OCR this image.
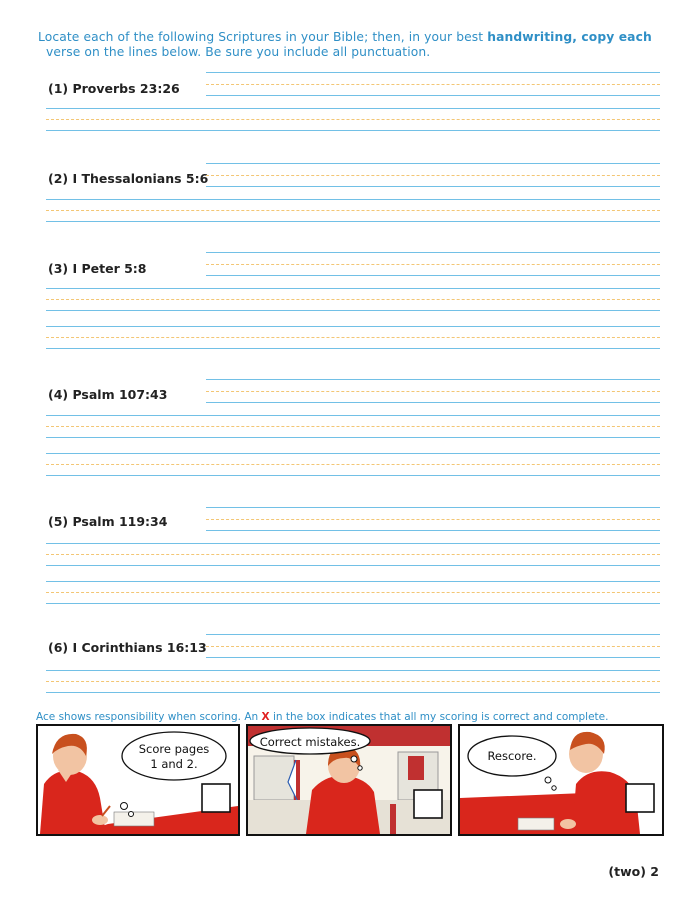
Locate each of the following Scriptures in your Bible; then, in your best handwriting, copy each
verse on the lines below. Be sure you include all punctuation.
(1) Proverbs 23:26
(2) I Thessalonians 5:6
(3) I Peter 5:8
(4) Psalm 107:43
(5) Psalm 119:34
(6) I Corinthians 16:13
Ace shows responsibility when scoring. An X in the box indicates that all my scoring is correct and complete.
Score pages
1 and 2.
Correct mistakes.
Rescore.
(two) 2
